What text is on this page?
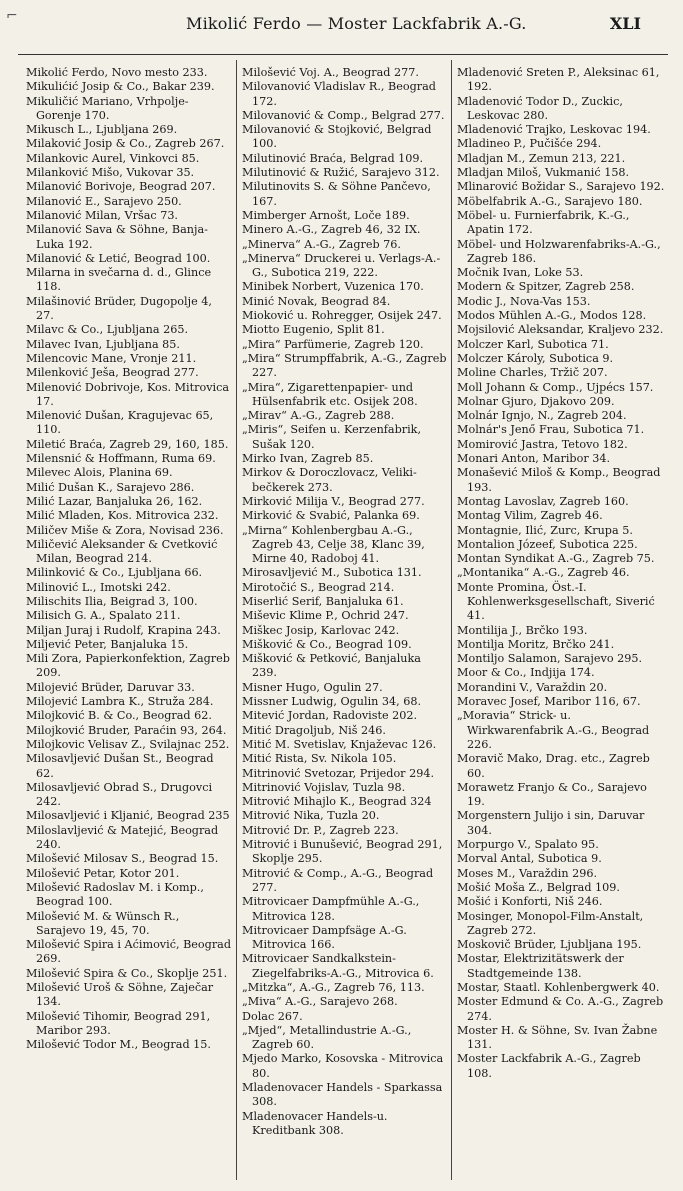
⌐	Mikolić Ferdo — Moster Lackfabrik A.-G.	XLI
Mikolić Ferdo, Novo mesto 233.
Mikulićić Josip & Co., Bakar 239.
Mikuličić Mariano, Vrhpolje-Gorenje 170.
Mikusch L., Ljubljana 269.
Milaković Josip & Co., Zagreb 267.
Milankovic Aurel, Vinkovci 85.
Milanković Mišo, Vukovar 35.
Milanović Borivoje, Beograd 207.
Milanović E., Sarajevo 250.
Milanović Milan, Vršac 73.
Milanović Sava & Söhne, Banja-Luka 192.
Milanović & Letić, Beograd 100.
Milarna in svečarna d. d., Glince 118.
Milašinović Brüder, Dugopolje 4, 27.
Milavc & Co., Ljubljana 265.
Milavec Ivan, Ljubljana 85.
Milencovic Mane, Vronje 211.
Milenković Ješa, Beograd 277.
Milenović Dobrivoje, Kos. Mitrovica 17.
Milenović Dušan, Kragujevac 65, 110.
Miletić Braća, Zagreb 29, 160, 185.
Milensnić & Hoffmann, Ruma 69.
Milevec Alois, Planina 69.
Milić Dušan K., Sarajevo 286.
Milić Lazar, Banjaluka 26, 162.
Milić Mladen, Kos. Mitrovica 232.
Miličev Miše & Zora, Novisad 236.
Miličević Aleksander & Cvetković Milan, Beograd 214.
Milinković & Co., Ljubljana 66.
Milinović L., Imotski 242.
Milischits Ilia, Beigrad 3, 100.
Milisich G. A., Spalato 211.
Miljan Juraj i Rudolf, Krapina 243.
Miljević Peter, Banjaluka 15.
Mili Zora, Papierkonfektion, Zagreb 209.
Milojević Brüder, Daruvar 33.
Milojević Lambra K., Struža 284.
Milojković B. & Co., Beograd 62.
Milojković Bruder, Paraćin 93, 264.
Milojkovic Velisav Z., Svilajnac 252.
Milosavljević Dušan St., Beograd 62.
Milosavljević Obrad S., Drugovci 242.
Milosavljević i Kljanić, Beograd 235
Miloslavljević & Matejić, Beograd 240.
Milošević Milosav S., Beograd 15.
Milošević Petar, Kotor 201.
Milošević Radoslav M. i Komp., Beograd 100.
Milošević M. & Wünsch R., Sarajevo 19, 45, 70.
Milošević Spira i Aćimović, Beograd 269.
Milošević Spira & Co., Skoplje 251.
Milošević Uroš & Söhne, Zaječar 134.
Milošević Tihomir, Beograd 291, Maribor 293.
Milošević Todor M., Beograd 15.
Milošević Voj. A., Beograd 277.
Milovanović Vladislav R., Beograd 172.
Milovanović & Comp., Belgrad 277.
Milovanović & Stojković, Belgrad 100.
Milutinović Braća, Belgrad 109.
Milutinović & Ružić, Sarajevo 312.
Milutinovits S. & Söhne Pančevo, 167.
Mimberger Arnošt, Loče 189.
Minero A.-G., Zagreb 46, 32 IX.
„Minerva“ A.-G., Zagreb 76.
„Minerva“ Druckerei u. Verlags-A.-G., Subotica 219, 222.
Minibek Norbert, Vuzenica 170.
Minić Novak, Beograd 84.
Mioković u. Rohregger, Osijek 247.
Miotto Eugenio, Split 81.
„Mira“ Parfümerie, Zagreb 120.
„Mira“ Strumpffabrik, A.-G., Zagreb 227.
„Mira“, Zigarettenpapier- und Hülsenfabrik etc. Osijek 208.
„Mirav“ A.-G., Zagreb 288.
„Miris“, Seifen u. Kerzenfabrik, Sušak 120.
Mirko Ivan, Zagreb 85.
Mirkov & Doroczlovacz, Veliki-bečkerek 273.
Mirković Milija V., Beograd 277.
Mirković & Svabić, Palanka 69.
„Mirna“ Kohlenbergbau A.-G., Zagreb 43, Celje 38, Klanc 39, Mirne 40, Radoboj 41.
Mirosavljević M., Subotica 131.
Mirotočić S., Beograd 214.
Miserlić Serif, Banjaluka 61.
Miševic Klime P., Ochrid 247.
Miškec Josip, Karlovac 242.
Mišković & Co., Beograd 109.
Mišković & Petković, Banjaluka 239.
Misner Hugo, Ogulin 27.
Missner Ludwig, Ogulin 34, 68.
Mitević Jordan, Radoviste 202.
Mitić Dragoljub, Niš 246.
Mitić M. Svetislav, Knjaževac 126.
Mitić Rista, Sv. Nikola 105.
Mitrinović Svetozar, Prijedor 294.
Mitrinović Vojislav, Tuzla 98.
Mitrović Mihajlo K., Beograd 324
Mitrović Nika, Tuzla 20.
Mitrović Dr. P., Zagreb 223.
Mitrović i Bunušević, Beograd 291, Skoplje 295.
Mitrović & Comp., A.-G., Beograd 277.
Mitrovicaer Dampfmühle A.-G., Mitrovica 128.
Mitrovicaer Dampfsäge A.-G. Mitrovica 166.
Mitrovicaer Sandkalkstein-Ziegelfabriks-A.-G., Mitrovica 6.
„Mitzka“, A.-G., Zagreb 76, 113.
„Miva“ A.-G., Sarajevo 268.
Dolac 267.
„Mjed“, Metallindustrie A.-G., Zagreb 60.
Mjedo Marko, Kosovska - Mitrovica 80.
Mladenovacer Handels - Sparkassa 308.
Mladenovacer Handels-u. Kreditbank 308.
Mladenović Sreten P., Aleksinac 61, 192.
Mladenović Todor D., Zuckic, Leskovac 280.
Mladenović Trajko, Leskovac 194.
Mladineo P., Pučišće 294.
Mladjan M., Zemun 213, 221.
Mladjan Miloš, Vukmanić 158.
Mlinarović Božidar S., Sarajevo 192.
Möbelfabrik A.-G., Sarajevo 180.
Möbel- u. Furnierfabrik, K.-G., Apatin 172.
Möbel- und Holzwarenfabriks-A.-G., Zagreb 186.
Močnik Ivan, Loke 53.
Modern & Spitzer, Zagreb 258.
Modic J., Nova-Vas 153.
Modos Mühlen A.-G., Modos 128.
Mojsilović Aleksandar, Kraljevo 232.
Molczer Karl, Subotica 71.
Molczer Károly, Subotica 9.
Moline Charles, Tržič 207.
Moll Johann & Comp., Ujpécs 157.
Molnar Gjuro, Djakovo 209.
Molnár Ignjo, N., Zagreb 204.
Molnár's Jenő Frau, Subotica 71.
Momirović Jastra, Tetovo 182.
Monari Anton, Maribor 34.
Monašević Miloš & Komp., Beograd 193.
Montag Lavoslav, Zagreb 160.
Montag Vilim, Zagreb 46.
Montagnie, Ilić, Zurc, Krupa 5.
Montalion Józeef, Subotica 225.
Montan Syndikat A.-G., Zagreb 75.
„Montanika“ A.-G., Zagreb 46.
Monte Promina, Öst.-I. Kohlenwerksgesellschaft, Siverić 41.
Montilija J., Brčko 193.
Montilja Moritz, Brčko 241.
Montiljo Salamon, Sarajevo 295.
Moor & Co., Indjija 174.
Morandini V., Varaždin 20.
Moravec Josef, Maribor 116, 67.
„Moravia“ Strick- u. Wirkwarenfabrik A.-G., Beograd 226.
Moravič Mako, Drag. etc., Zagreb 60.
Morawetz Franjo & Co., Sarajevo 19.
Morgenstern Julijo i sin, Daruvar 304.
Morpurgo V., Spalato 95.
Morval Antal, Subotica 9.
Moses M., Varaždin 296.
Mošić Moša Z., Belgrad 109.
Mošić i Konforti, Niš 246.
Mosinger, Monopol-Film-Anstalt, Zagreb 272.
Moskovič Brüder, Ljubljana 195.
Mostar, Elektrizitätswerk der Stadtgemeinde 138.
Mostar, Staatl. Kohlenbergwerk 40.
Moster Edmund & Co. A.-G., Zagreb 274.
Moster H. & Söhne, Sv. Ivan Žabne 131.
Moster Lackfabrik A.-G., Zagreb 108.
